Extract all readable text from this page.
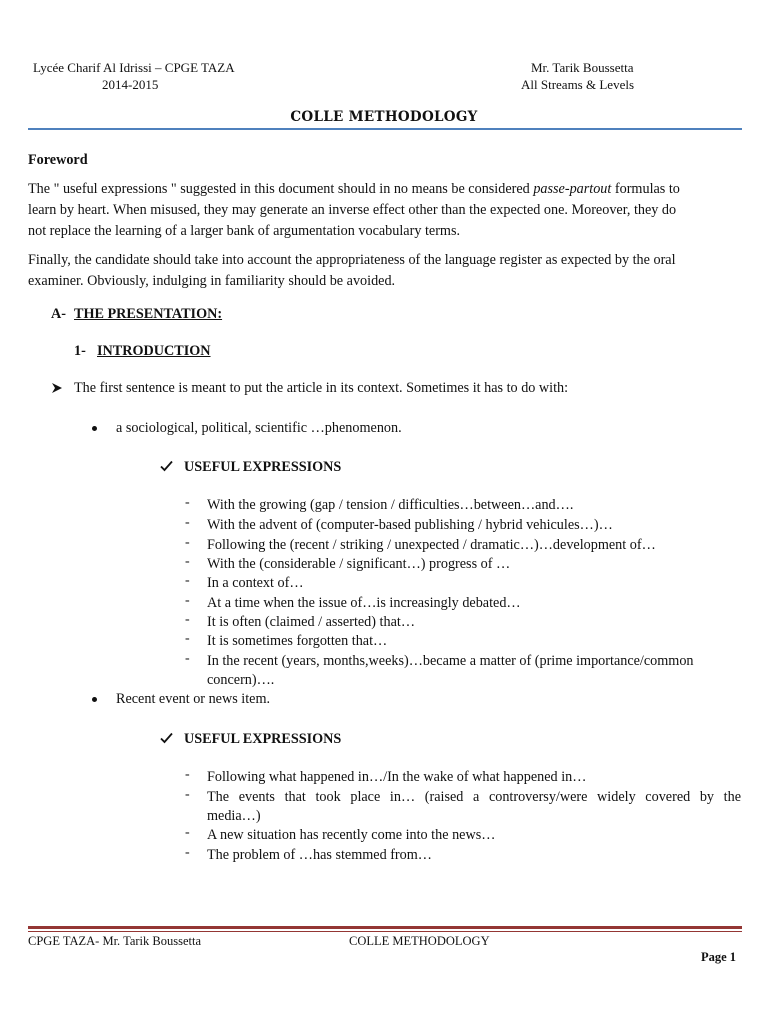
Lycée Charif Al Idrissi – CPGE TAZA
2014-2015
Mr. Tarik Boussetta
All Streams & Levels
COLLE METHODOLOGY
Foreword
The " useful expressions " suggested in this document should in no means be considered passe-partout formulas to
learn by heart. When misused, they may generate an inverse effect other than the expected one. Moreover, they do
not replace the learning of a larger bank of argumentation vocabulary terms.
Finally, the candidate should take into account the appropriateness of the language register as expected by the oral
examiner. Obviously, indulging in familiarity should be avoided.
A- THE PRESENTATION:
1- INTRODUCTION
The first sentence is meant to put the article in its context. Sometimes it has to do with:
a sociological, political, scientific …phenomenon.
USEFUL EXPRESSIONS
- With the growing (gap / tension / difficulties…between…and….
- With the advent of (computer-based publishing / hybrid vehicules…)…
- Following the (recent / striking / unexpected / dramatic…)…development of…
- With the (considerable / significant…) progress of …
- In a context of…
- At a time when the issue of…is increasingly debated…
- It is often (claimed / asserted) that…
- It is sometimes forgotten that…
- In the recent (years, months,weeks)…became a matter of (prime importance/common
concern)….
Recent event or news item.
USEFUL EXPRESSIONS
- Following what happened in…/In the wake of what happened in…
- The events that took place in… (raised a controversy/were widely covered by the
media…)
- A new situation has recently come into the news…
- The problem of …has stemmed from…
CPGE TAZA- Mr. Tarik Boussetta	COLLE METHODOLOGY
Page 1
